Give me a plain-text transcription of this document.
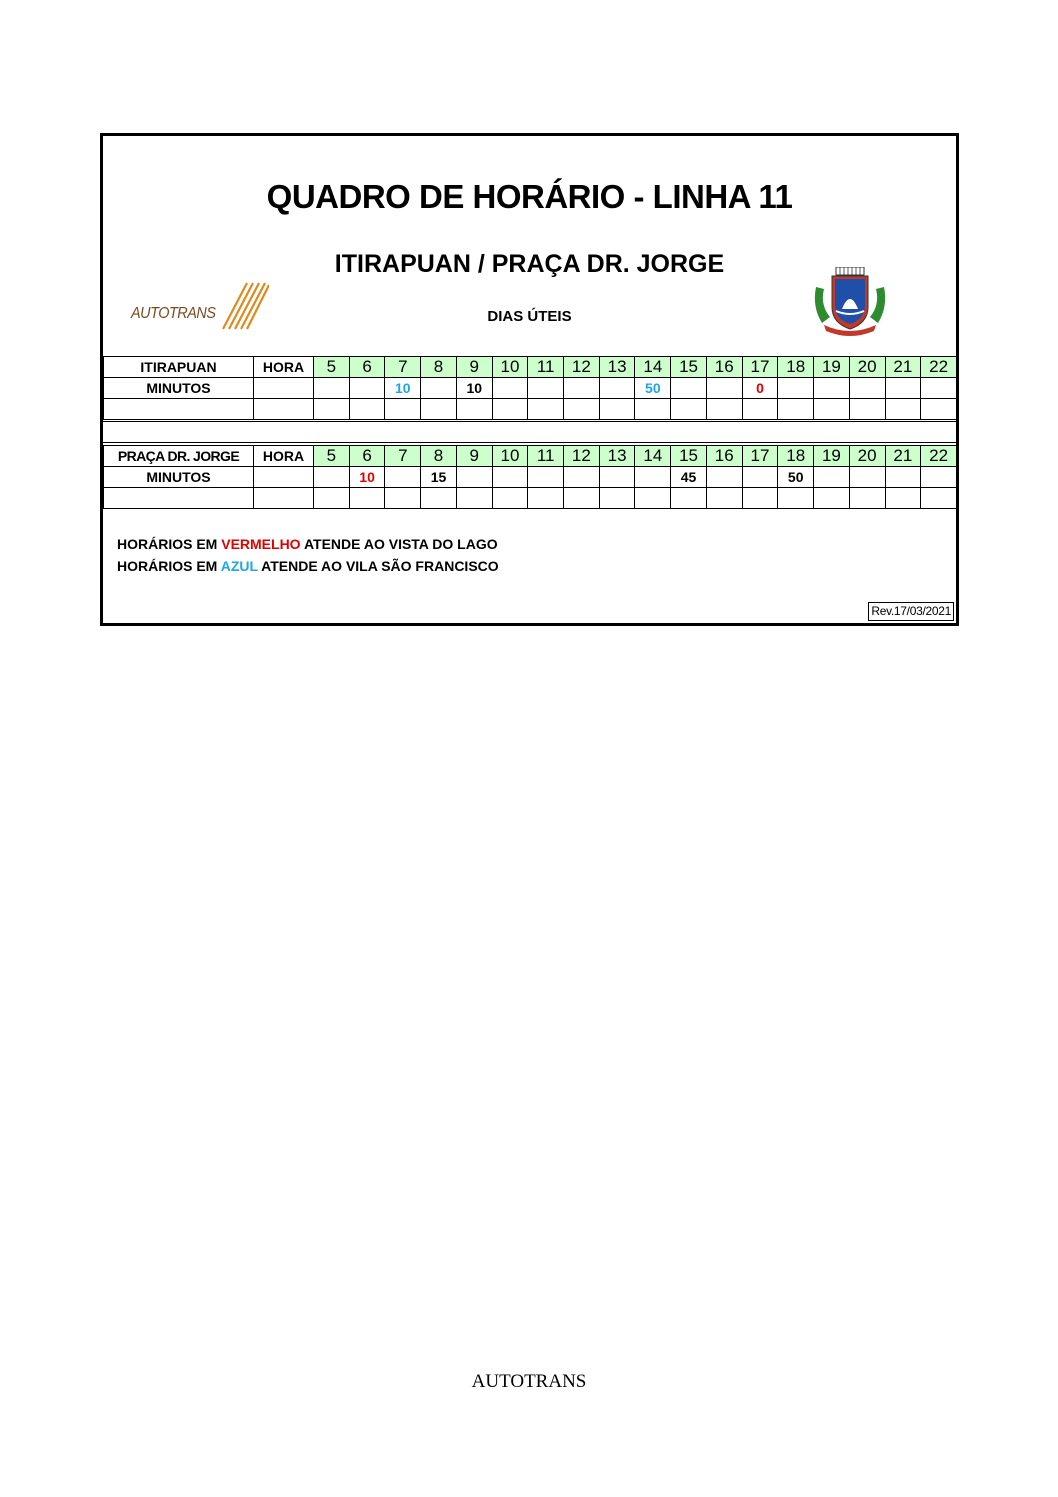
QUADRO DE HORÁRIO - LINHA 11
ITIRAPUAN / PRAÇA DR. JORGE
DIAS ÚTEIS
AUTOTRANS
ITIRAPUAN	HORA	5	6	7	8	9	10	11	12	13	14	15	16	17	18	19	20	21	22
MINUTOS				10		10					50			0					

PRAÇA DR. JORGE	HORA	5	6	7	8	9	10	11	12	13	14	15	16	17	18	19	20	21	22
MINUTOS			10		15							45			50				

HORÁRIOS EM VERMELHO ATENDE AO VISTA DO LAGO
HORÁRIOS EM AZUL ATENDE AO VILA SÃO FRANCISCO
Rev.17/03/2021
AUTOTRANS
